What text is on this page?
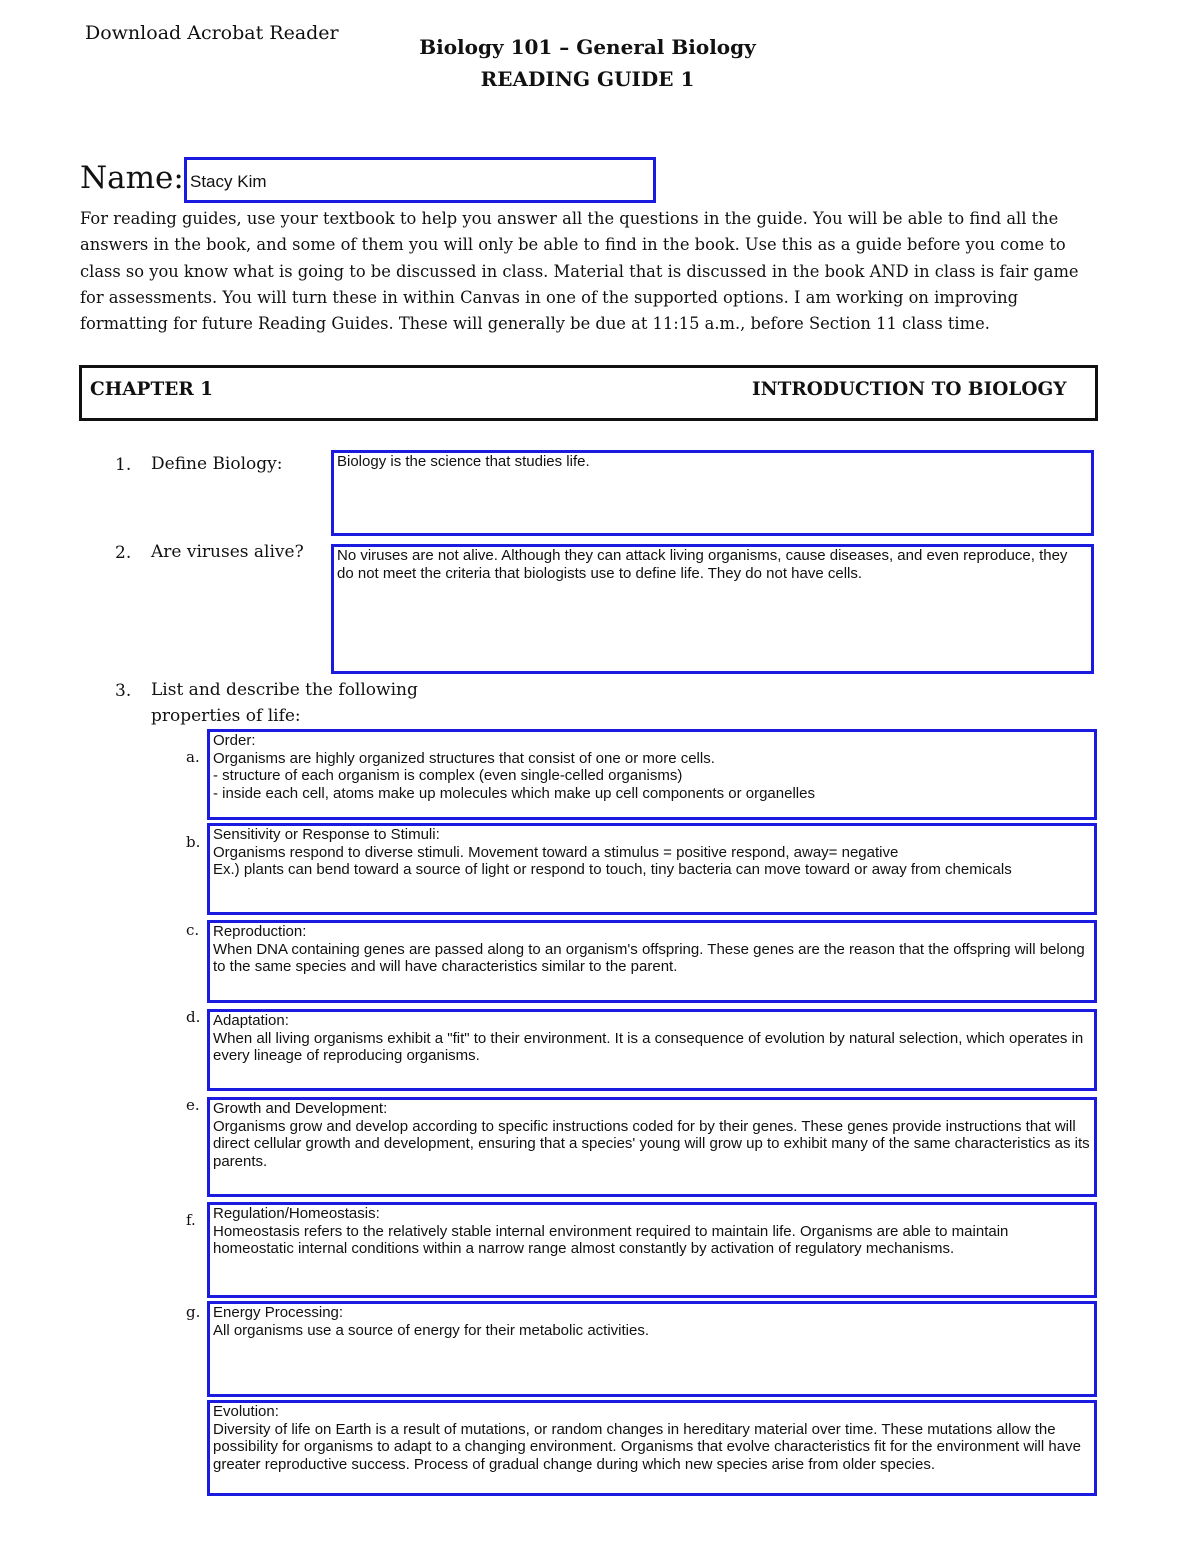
Download Acrobat Reader
Biology 101 – General Biology
READING GUIDE 1
Name: Stacy Kim
For reading guides, use your textbook to help you answer all the questions in the guide. You will be able to find all the answers in the book, and some of them you will only be able to find in the book. Use this as a guide before you come to class so you know what is going to be discussed in class. Material that is discussed in the book AND in class is fair game for assessments. You will turn these in within Canvas in one of the supported options. I am working on improving formatting for future Reading Guides. These will generally be due at 11:15 a.m., before Section 11 class time.
CHAPTER 1	INTRODUCTION TO BIOLOGY
1. Define Biology:	Biology is the science that studies life.
2. Are viruses alive?	No viruses are not alive. Although they can attack living organisms, cause diseases, and even reproduce, they do not meet the criteria that biologists use to define life. They do not have cells.
3. List and describe the following
properties of life:
a.
Order:
Organisms are highly organized structures that consist of one or more cells.
- structure of each organism is complex (even single-celled organisms)
- inside each cell, atoms make up molecules which make up cell components or organelles
b. Sensitivity or Response to Stimuli:
Organisms respond to diverse stimuli. Movement toward a stimulus = positive respond, away= negative
Ex.) plants can bend toward a source of light or respond to touch, tiny bacteria can move toward or away from chemicals
c. Reproduction:
When DNA containing genes are passed along to an organism's offspring. These genes are the reason that the offspring will belong to the same species and will have characteristics similar to the parent.
d. Adaptation:
When all living organisms exhibit a "fit" to their environment. It is a consequence of evolution by natural selection, which operates in every lineage of reproducing organisms.
e. Growth and Development:
Organisms grow and develop according to specific instructions coded for by their genes. These genes provide instructions that will direct cellular growth and development, ensuring that a species' young will grow up to exhibit many of the same characteristics as its parents.
f.	Regulation/Homeostasis:
Homeostasis refers to the relatively stable internal environment required to maintain life. Organisms are able to maintain homeostatic internal conditions within a narrow range almost constantly by activation of regulatory mechanisms.
g. Energy Processing:
All organisms use a source of energy for their metabolic activities.
Evolution:
Diversity of life on Earth is a result of mutations, or random changes in hereditary material over time. These mutations allow the possibility for organisms to adapt to a changing environment. Organisms that evolve characteristics fit for the environment will have greater reproductive success. Process of gradual change during which new species arise from older species.
